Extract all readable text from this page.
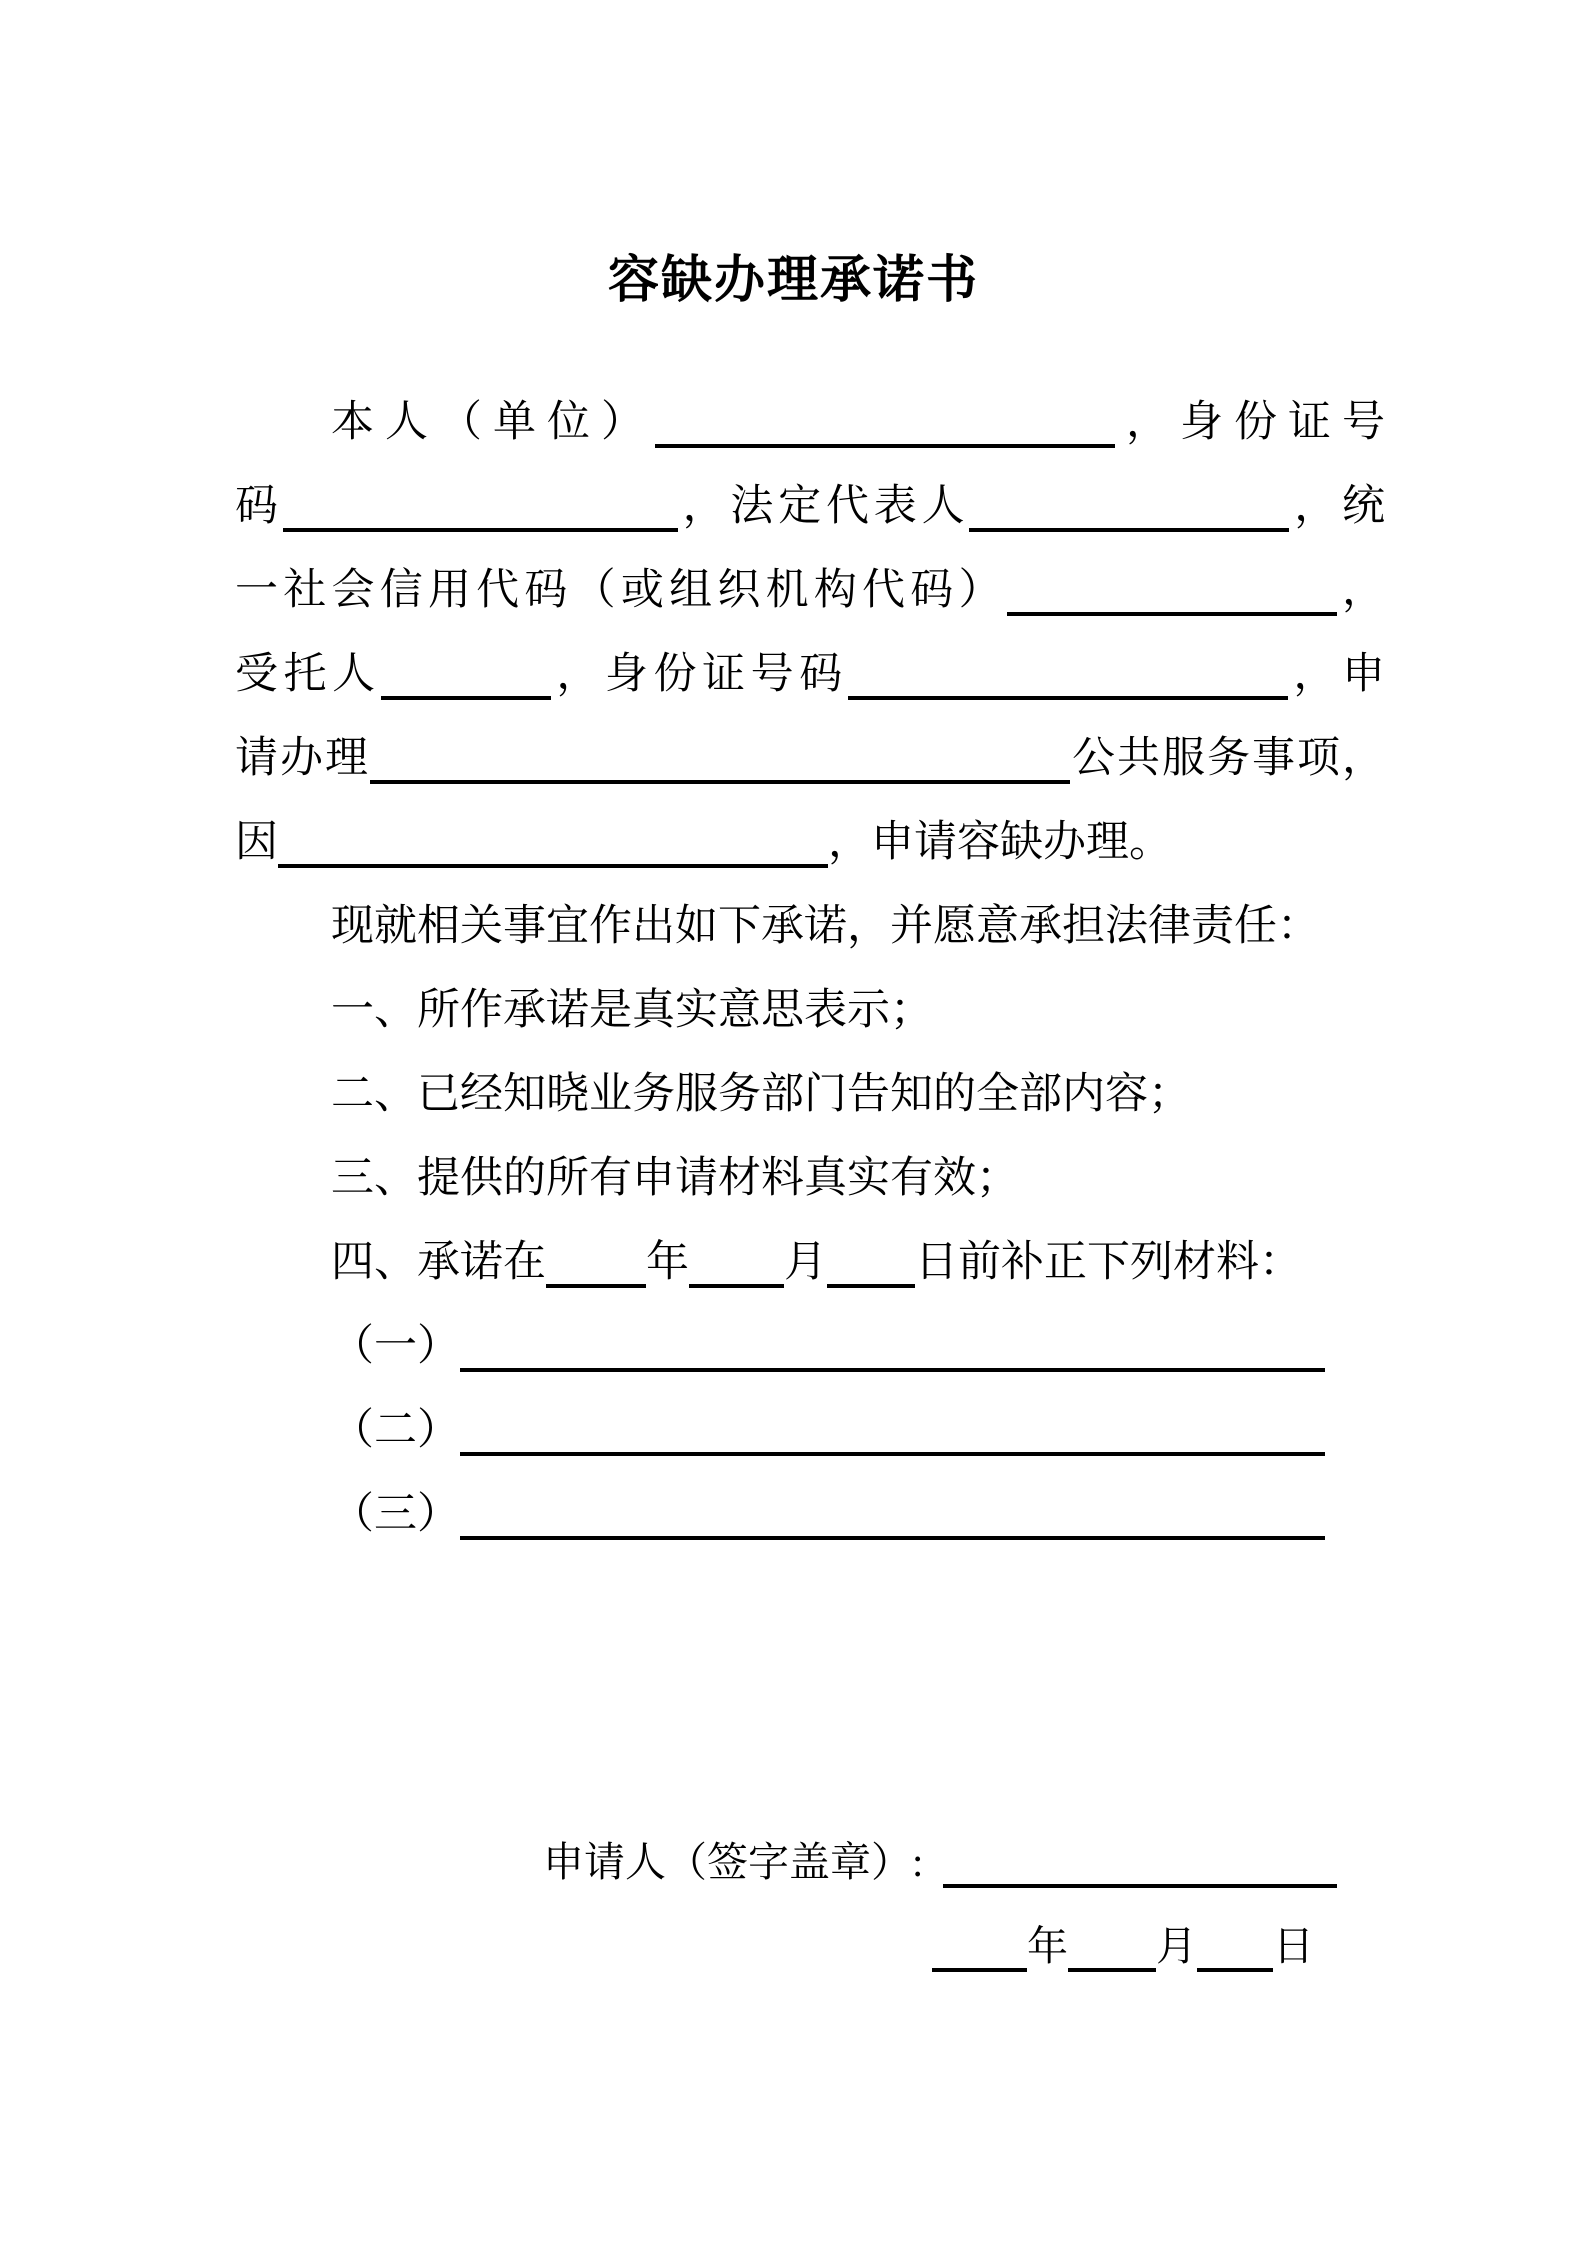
容缺办理承诺书
本人（单位）	，身份证号
码	，法定代表人	，统
一社会信用代码（或组织机构代码）	，
受托人	，身份证号码	，申
请办理	公共服务事项，
因	，申请容缺办理。
现就相关事宜作出如下承诺，并愿意承担法律责任：
一、所作承诺是真实意思表示；
二、已经知晓业务服务部门告知的全部内容；
三、提供的所有申请材料真实有效；
四、承诺在 年 月 日前补正下列材料：
（一）
（二）
（三）
申请人（签字盖章）:
年 月 日
